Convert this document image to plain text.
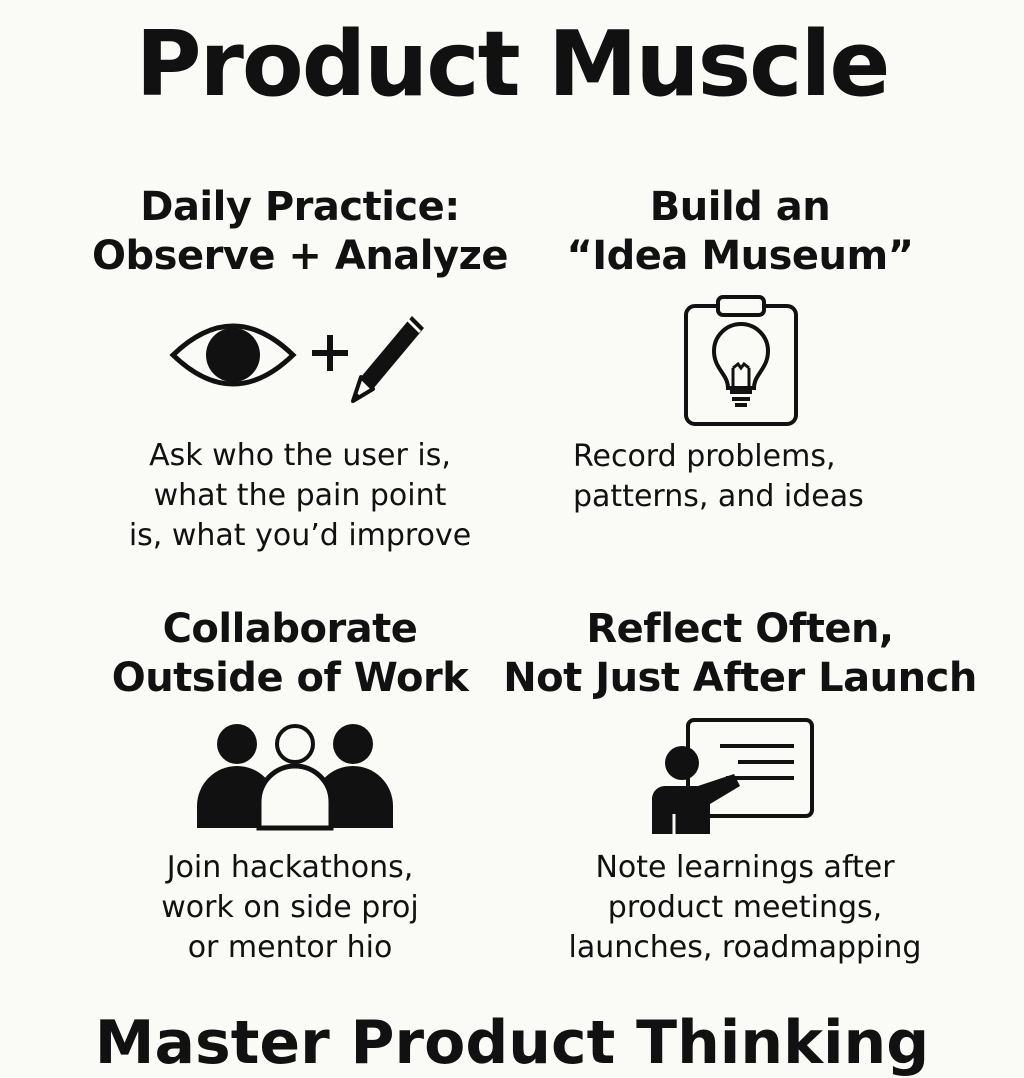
Product Muscle
Daily Practice:
Observe + Analyze
Ask who the user is,
what the pain point
is, what you’d improve
Build an
“Idea Museum”
Record problems,
patterns, and ideas
Collaborate
Outside of Work
Join hackathons,
work on side proj
or mentor hio
Reflect Often,
Not Just After Launch
Note learnings after
product meetings,
launches, roadmapping
Master Product Thinking
